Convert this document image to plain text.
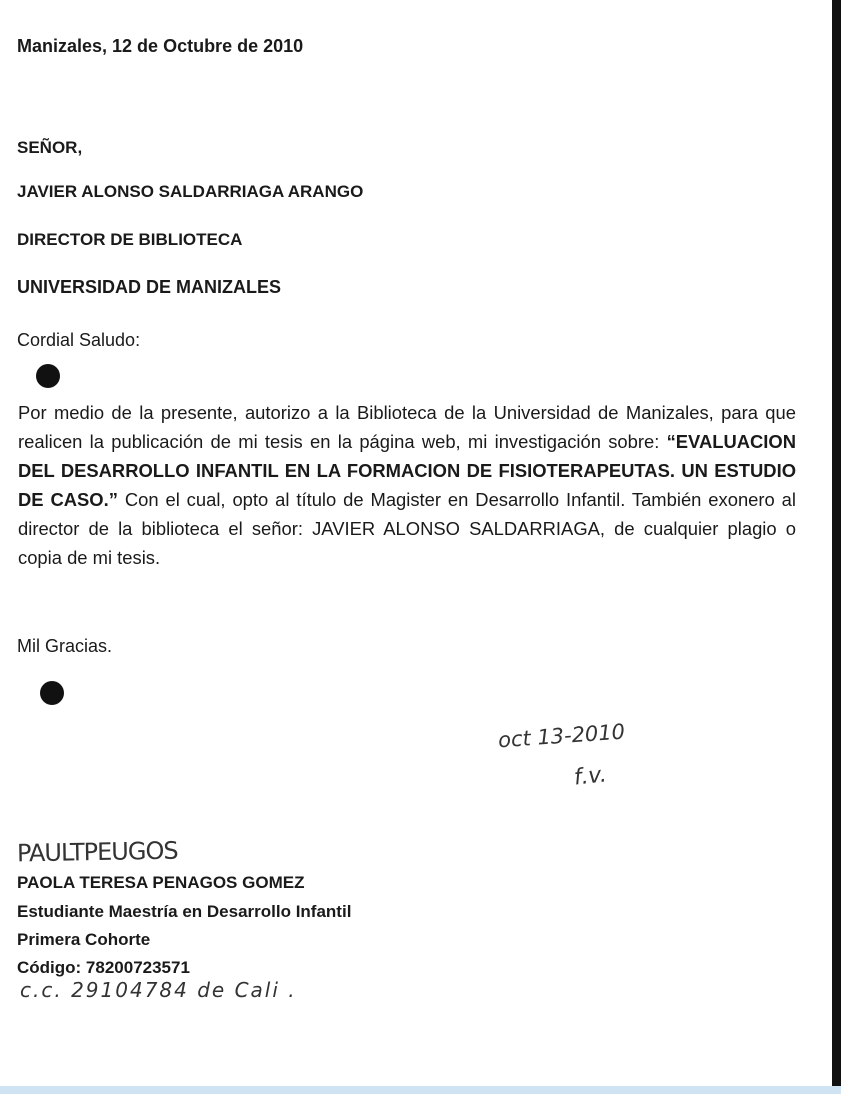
Manizales, 12 de Octubre de 2010
SEÑOR,
JAVIER ALONSO SALDARRIAGA ARANGO
DIRECTOR DE BIBLIOTECA
UNIVERSIDAD DE MANIZALES
Cordial Saludo:
Por medio de la presente, autorizo a la Biblioteca de la Universidad de Manizales, para que realicen la publicación de mi tesis en la página web, mi investigación sobre: “EVALUACION DEL DESARROLLO INFANTIL EN LA FORMACION DE FISIOTERAPEUTAS. UN ESTUDIO DE CASO.” Con el cual, opto al título de Magister en Desarrollo Infantil. También exonero al director de la biblioteca el señor: JAVIER ALONSO SALDARRIAGA, de cualquier plagio o copia de mi tesis.
Mil Gracias.
oct 13-2010
f.v.
PAULTPEUGOS
PAOLA TERESA PENAGOS GOMEZ
Estudiante Maestría en Desarrollo Infantil
Primera Cohorte
Código: 78200723571
c.c. 29104784 de Cali .
